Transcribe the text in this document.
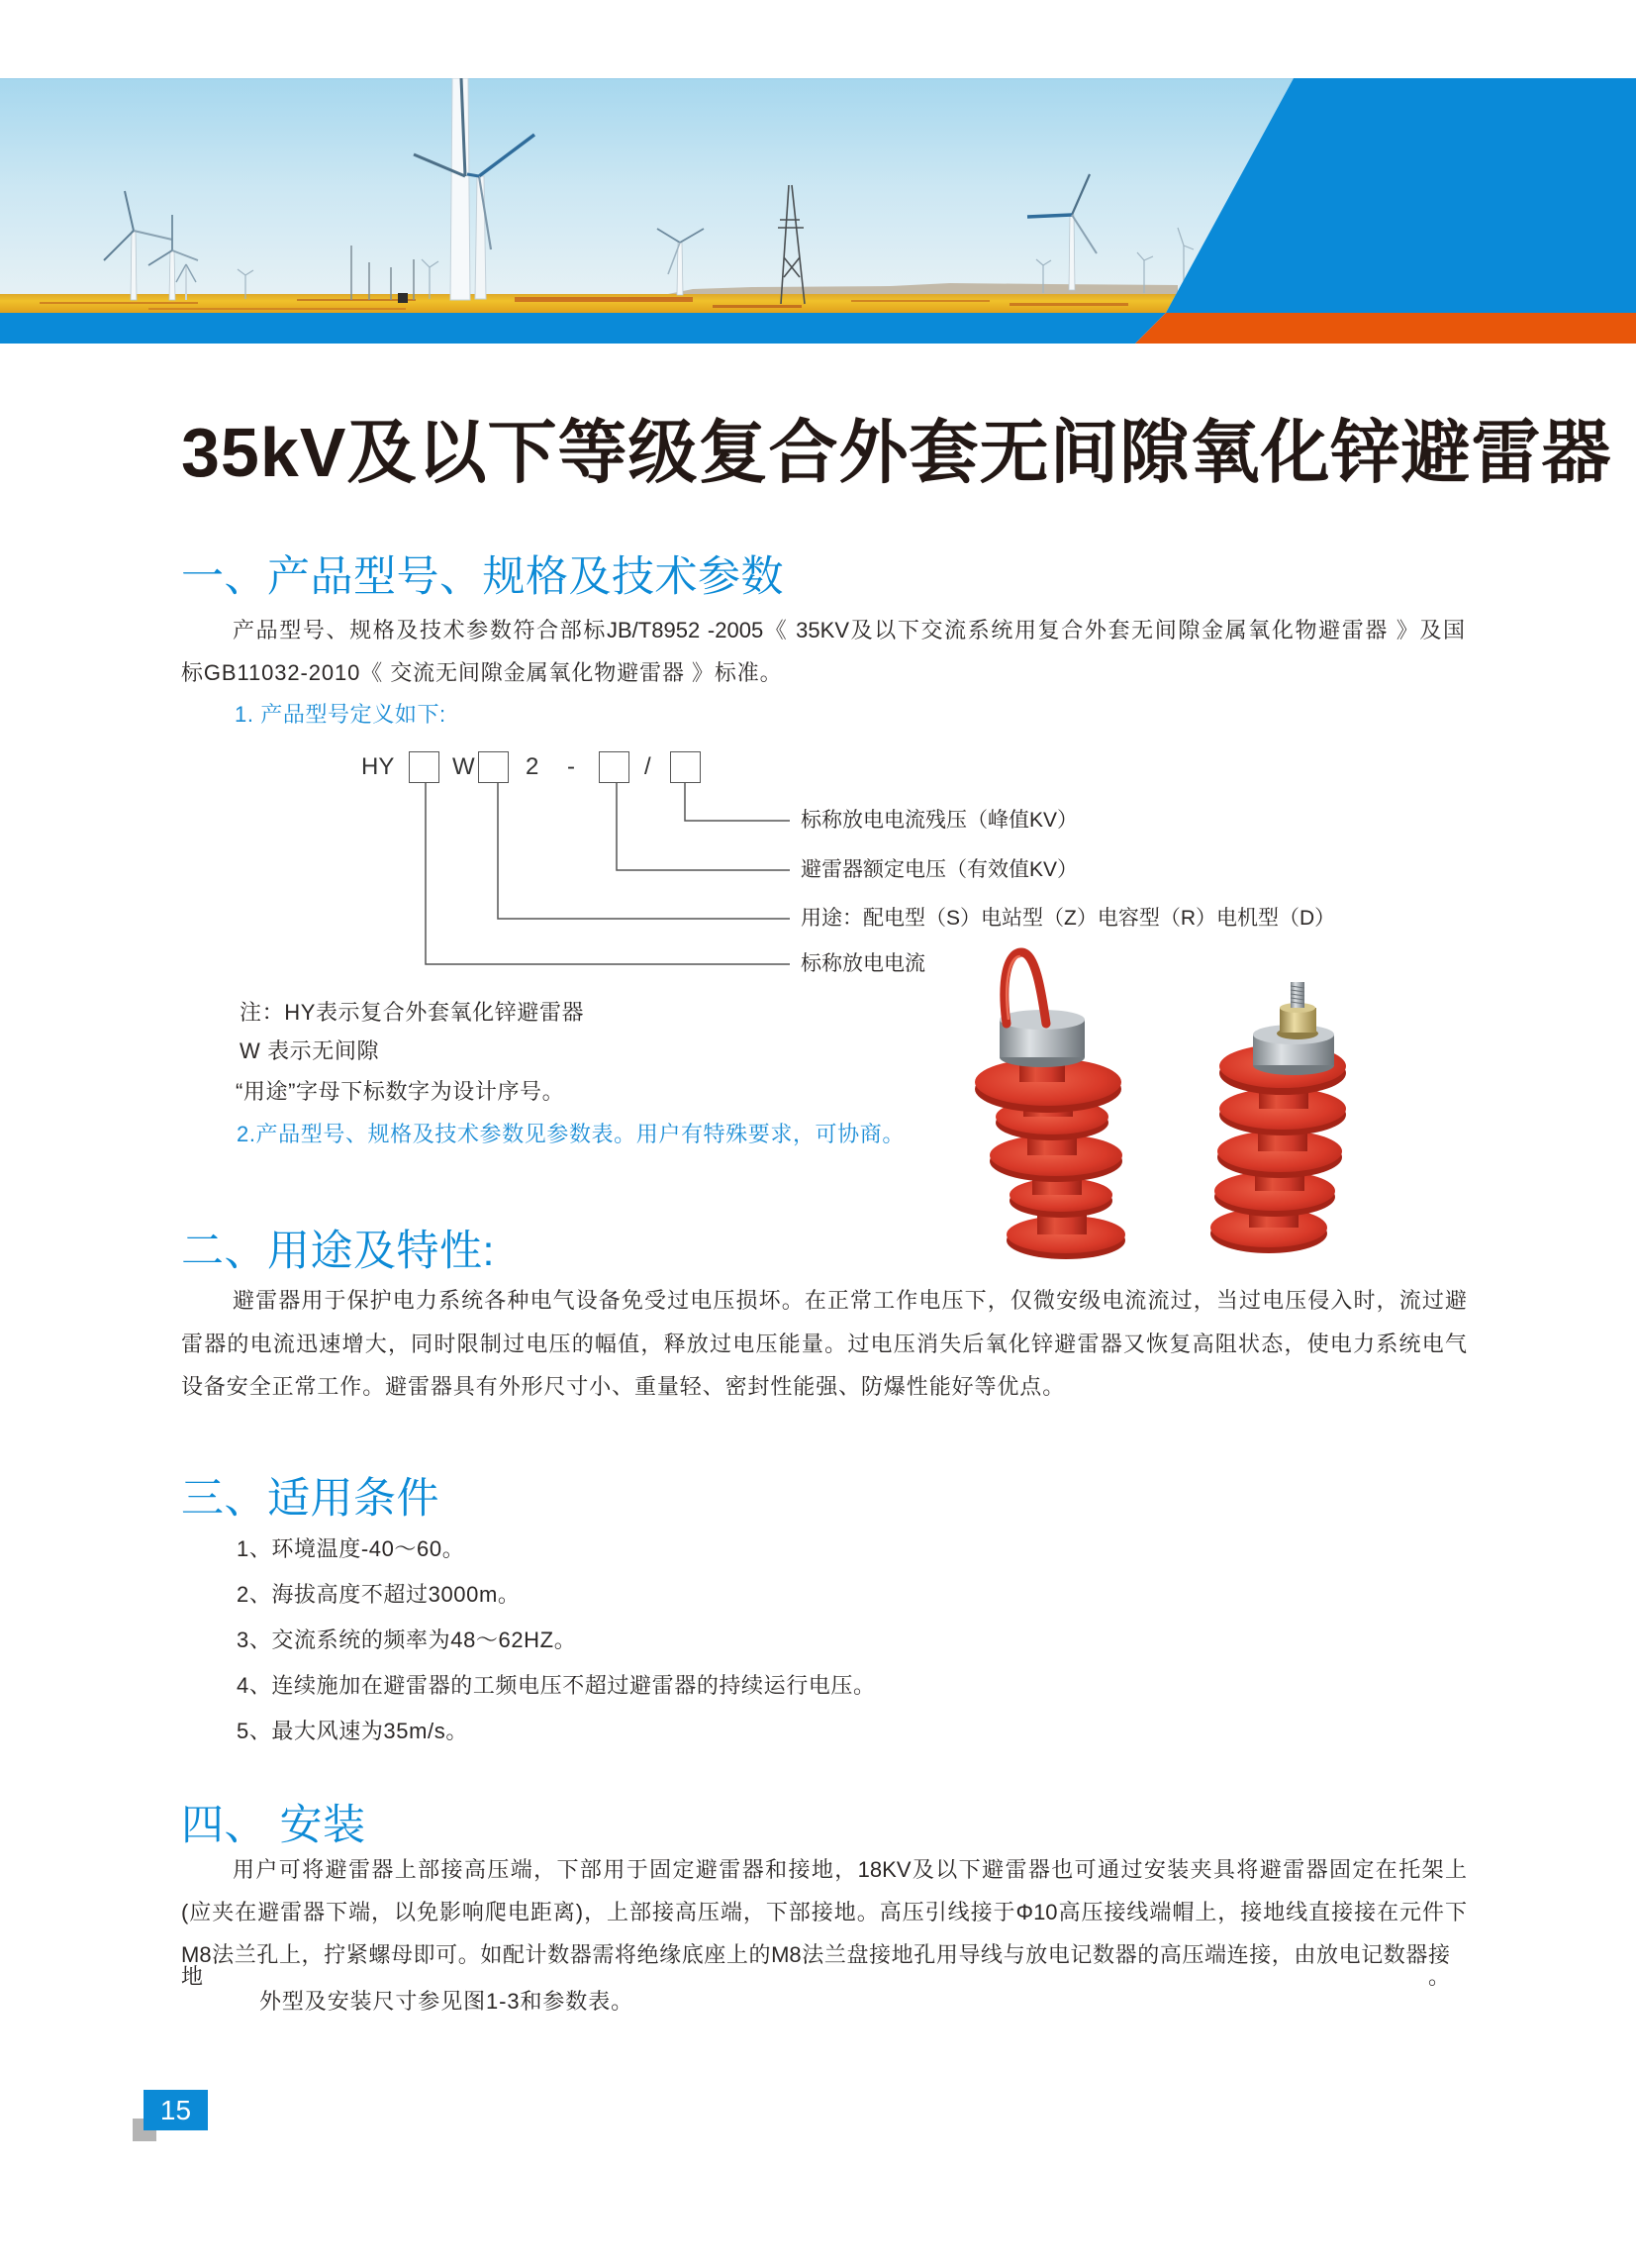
35kV及以下等级复合外套无间隙氧化锌避雷器
一、产品型号、规格及技术参数
产品型号、规格及技术参数符合部标JB/T8952 -2005《 35KV及以下交流系统用复合外套无间隙金属氧化物避雷器 》及国
标GB11032-2010《 交流无间隙金属氧化物避雷器 》标准。
1. 产品型号定义如下:
HY W 2 -	/
标称放电电流残压（峰值KV）
避雷器额定电压（有效值KV）
用途：配电型（S）电站型（Z）电容型（R）电机型（D）
标称放电电流
注：HY表示复合外套氧化锌避雷器
W 表示无间隙
“用途”字母下标数字为设计序号。
2.产品型号、规格及技术参数见参数表。用户有特殊要求，可协商。
二、用途及特性:
避雷器用于保护电力系统各种电气设备免受过电压损坏。在正常工作电压下，仅微安级电流流过，当过电压侵入时，流过避
雷器的电流迅速增大，同时限制过电压的幅值，释放过电压能量。过电压消失后氧化锌避雷器又恢复高阻状态，使电力系统电气
设备安全正常工作。避雷器具有外形尺寸小、重量轻、密封性能强、防爆性能好等优点。
三、适用条件
1、环境温度-40～60。
2、海拔高度不超过3000m。
3、交流系统的频率为48～62HZ。
4、连续施加在避雷器的工频电压不超过避雷器的持续运行电压。
5、最大风速为35m/s。
四、 安装
用户可将避雷器上部接高压端，下部用于固定避雷器和接地，18KV及以下避雷器也可通过安装夹具将避雷器固定在托架上
(应夹在避雷器下端，以免影响爬电距离)，上部接高压端，下部接地。高压引线接于Φ10高压接线端帽上，接地线直接接在元件下
M8法兰孔上，拧紧螺母即可。如配计数器需将绝缘底座上的M8法兰盘接地孔用导线与放电记数器的高压端连接，由放电记数器接地。
外型及安装尺寸参见图1-3和参数表。
15
